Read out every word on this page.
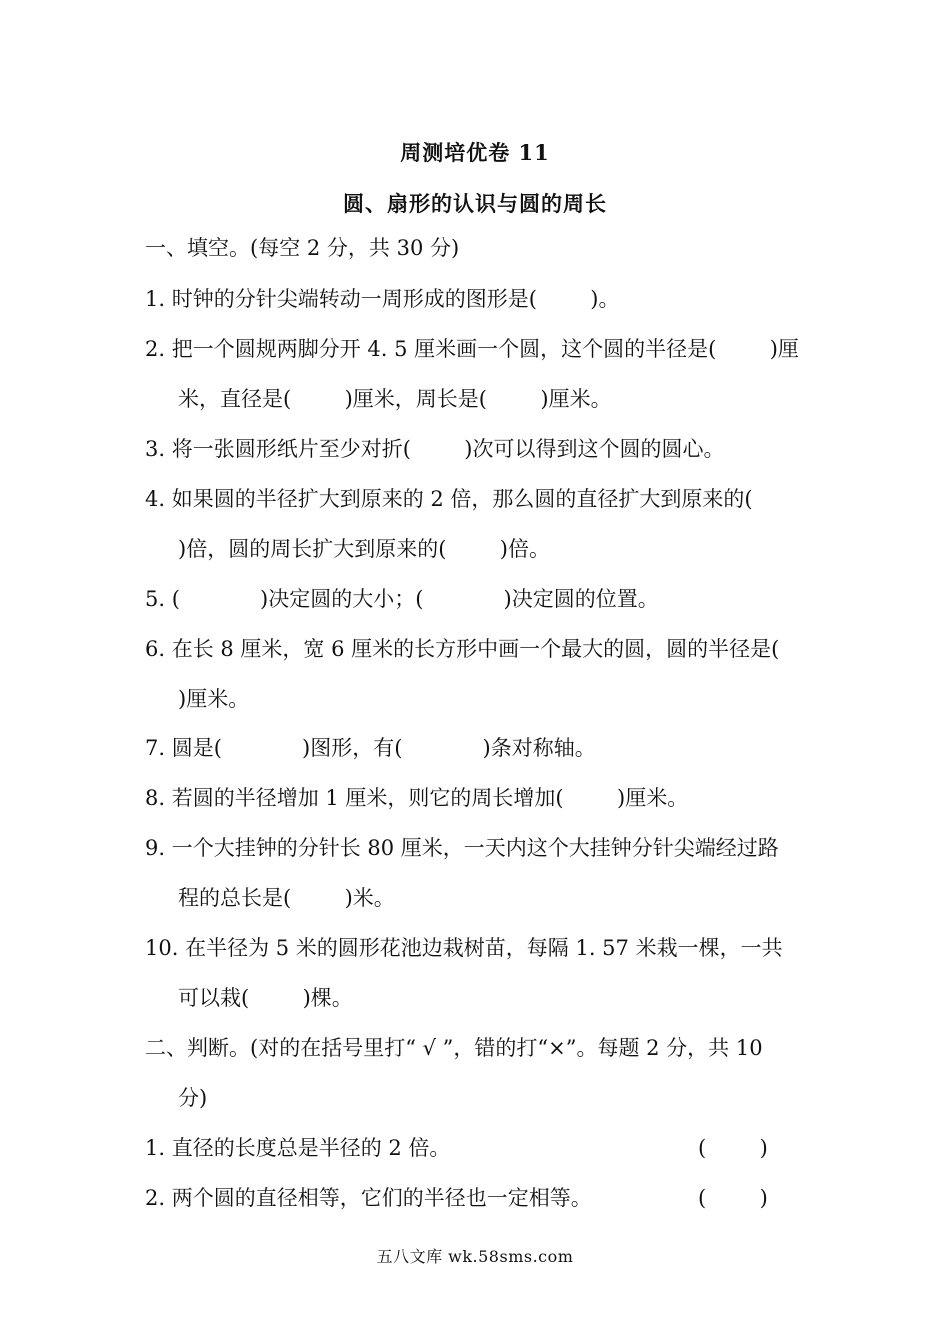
周测培优卷 11
圆、扇形的认识与圆的周长
一、填空。(每空 2 分，共 30 分)
1. 时钟的分针尖端转动一周形成的图形是(        )。
2. 把一个圆规两脚分开 4. 5 厘米画一个圆，这个圆的半径是(        )厘
米，直径是(        )厘米，周长是(        )厘米。
3. 将一张圆形纸片至少对折(        )次可以得到这个圆的圆心。
4. 如果圆的半径扩大到原来的 2 倍，那么圆的直径扩大到原来的(
)倍，圆的周长扩大到原来的(        )倍。
5. (            )决定圆的大小；(            )决定圆的位置。
6. 在长 8 厘米，宽 6 厘米的长方形中画一个最大的圆，圆的半径是(
)厘米。
7. 圆是(            )图形，有(            )条对称轴。
8. 若圆的半径增加 1 厘米，则它的周长增加(        )厘米。
9. 一个大挂钟的分针长 80 厘米，一天内这个大挂钟分针尖端经过路
程的总长是(        )米。
10. 在半径为 5 米的圆形花池边栽树苗，每隔 1. 57 米栽一棵，一共
可以栽(        )棵。
二、判断。(对的在括号里打“ √ ”，错的打“×”。每题 2 分，共 10
分)
1. 直径的长度总是半径的 2 倍。	(        )
2. 两个圆的直径相等，它们的半径也一定相等。	(        )
五八文库 wk.58sms.com
